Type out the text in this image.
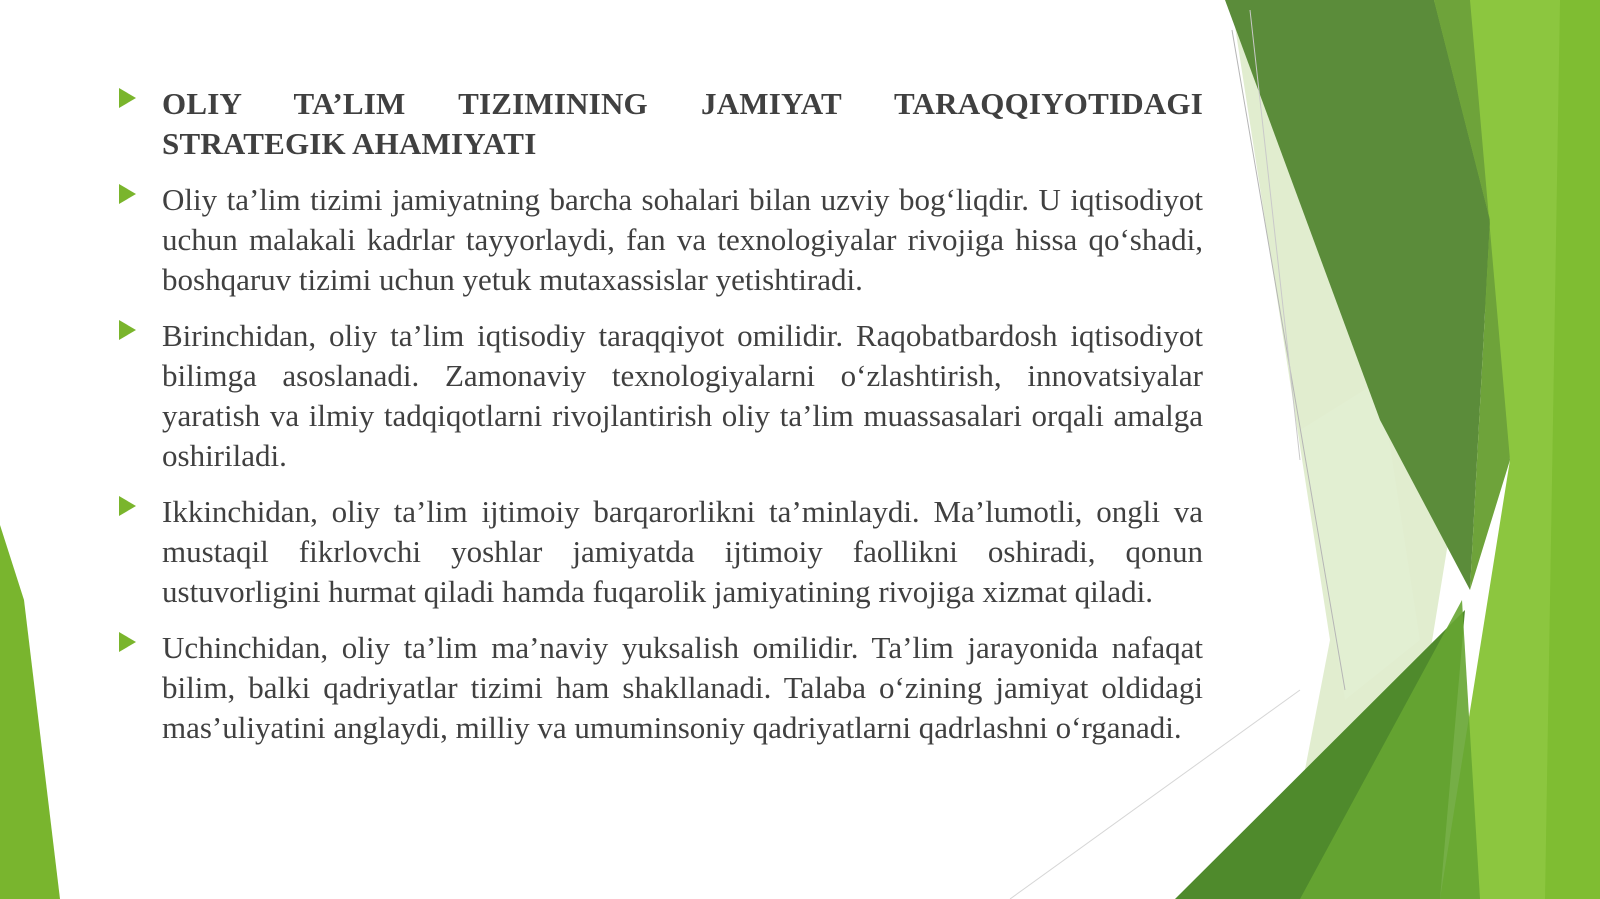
OLIY TA’LIM TIZIMINING JAMIYAT TARAQQIYOTIDAGI STRATEGIK AHAMIYATI
Oliy ta’lim tizimi jamiyatning barcha sohalari bilan uzviy bog‘liqdir. U iqtisodiyot uchun malakali kadrlar tayyorlaydi, fan va texnologiyalar rivojiga hissa qo‘shadi, boshqaruv tizimi uchun yetuk mutaxassislar yetishtiradi.
Birinchidan, oliy ta’lim iqtisodiy taraqqiyot omilidir. Raqobatbardosh iqtisodiyot bilimga asoslanadi. Zamonaviy texnologiyalarni o‘zlashtirish, innovatsiyalar yaratish va ilmiy tadqiqotlarni rivojlantirish oliy ta’lim muassasalari orqali amalga oshiriladi.
Ikkinchidan, oliy ta’lim ijtimoiy barqarorlikni ta’minlaydi. Ma’lumotli, ongli va mustaqil fikrlovchi yoshlar jamiyatda ijtimoiy faollikni oshiradi, qonun ustuvorligini hurmat qiladi hamda fuqarolik jamiyatining rivojiga xizmat qiladi.
Uchinchidan, oliy ta’lim ma’naviy yuksalish omilidir. Ta’lim jarayonida nafaqat bilim, balki qadriyatlar tizimi ham shakllanadi. Talaba o‘zining jamiyat oldidagi mas’uliyatini anglaydi, milliy va umuminsoniy qadriyatlarni qadrlashni o‘rganadi.
